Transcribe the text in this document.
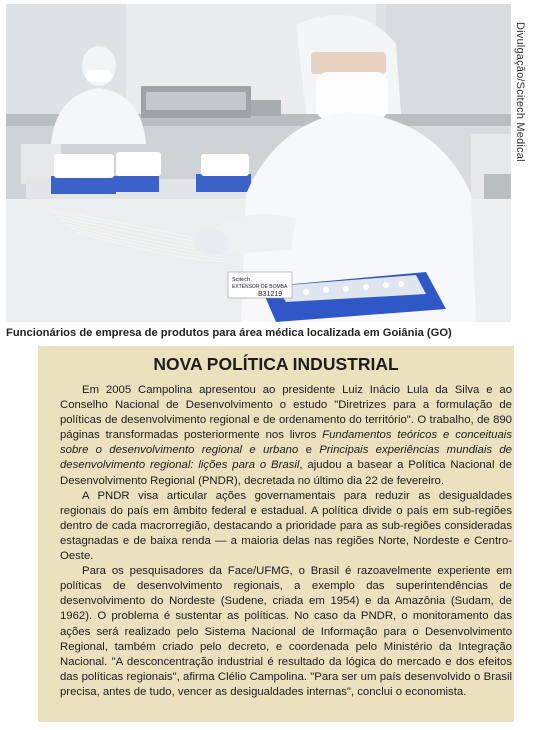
Scitech
EXTENSOR DE BOMBA
B31219
Divulgação/Scitech Medical
Funcionários de empresa de produtos para área médica localizada em Goiânia (GO)
NOVA POLÍTICA INDUSTRIAL

Em 2005 Campolina apresentou ao presidente Luiz Inácio Lula da Silva e ao Conselho Nacional de Desenvolvimento o estudo "Diretrizes para a formulação de políticas de desenvolvimento regional e de ordenamento do território". O trabalho, de 890 páginas transformadas posteriormente nos livros Fundamentos teóricos e conceituais sobre o desenvolvimento regional e urbano e Principais experiências mundiais de desenvolvimento regional: lições para o Brasil, ajudou a basear a Política Nacional de Desenvolvimento Regional (PNDR), decretada no último dia 22 de fevereiro.

A PNDR visa articular ações governamentais para reduzir as desigualdades regionais do país em âmbito federal e estadual. A política divide o país em sub-regiões dentro de cada macrorregião, destacando a prioridade para as sub-regiões consideradas estagnadas e de baixa renda — a maioria delas nas regiões Norte, Nordeste e Centro-Oeste.

Para os pesquisadores da Face/UFMG, o Brasil é razoavelmente experiente em políticas de desenvolvimento regionais, a exemplo das superintendências de desenvolvimento do Nordeste (Sudene, criada em 1954) e da Amazônia (Sudam, de 1962). O problema é sustentar as políticas. No caso da PNDR, o monitoramento das ações será realizado pelo Sistema Nacional de Informação para o Desenvolvimento Regional, também criado pelo decreto, e coordenada pelo Ministério da Integração Nacional. "A desconcentração industrial é resultado da lógica do mercado e dos efeitos das políticas regionais", afirma Clélio Campolina. "Para ser um país desenvolvido o Brasil precisa, antes de tudo, vencer as desigualdades internas", conclui o economista.
